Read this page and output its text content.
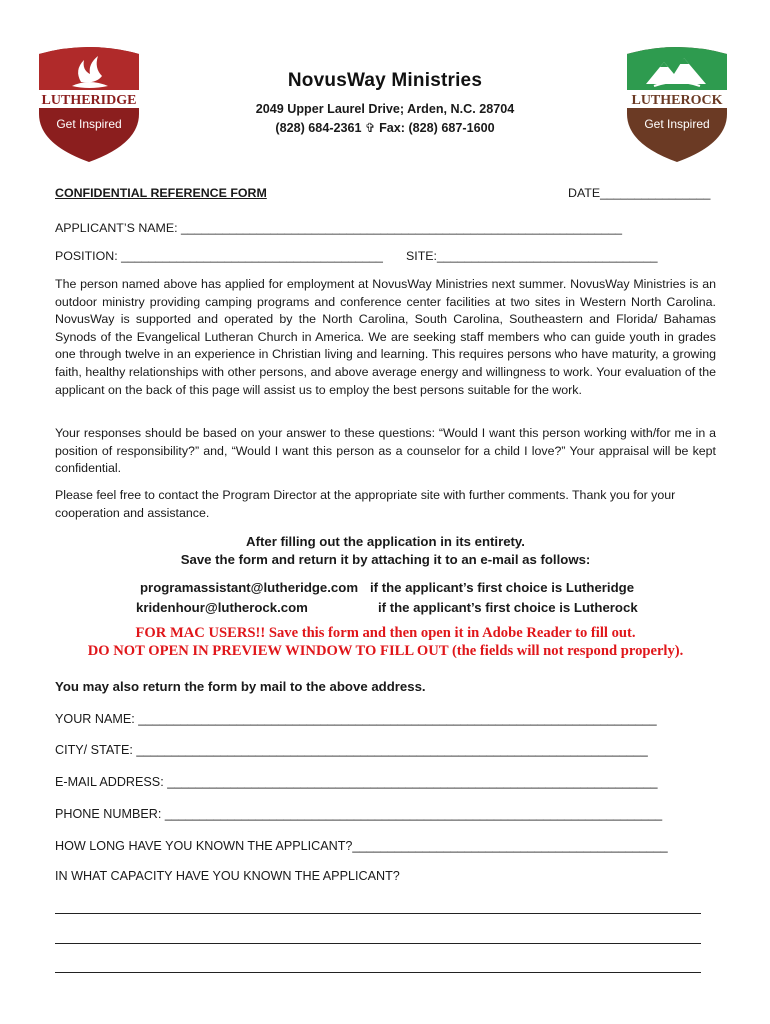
LUTHERIDGE
Get Inspired
LUTHEROCK
Get Inspired
NovusWay Ministries
2049 Upper Laurel Drive; Arden, N.C. 28704
(828) 684-2361 ✞ Fax: (828) 687-1600
CONFIDENTIAL REFERENCE FORM	DATE________________
APPLICANT’S NAME: ________________________________________________________________
POSITION: ______________________________________ SITE:________________________________
The person named above has applied for employment at NovusWay Ministries next summer. NovusWay Ministries is an outdoor ministry providing camping programs and conference center facilities at two sites in Western North Carolina. NovusWay is supported and operated by the North Carolina, South Carolina, Southeastern and Florida/ Bahamas Synods of the Evangelical Lutheran Church in America. We are seeking staff members who can guide youth in grades one through twelve in an experience in Christian living and learning. This requires persons who have maturity, a growing faith, healthy relationships with other persons, and above average energy and willingness to work. Your evaluation of the applicant on the back of this page will assist us to employ the best persons suitable for the work.
Your responses should be based on your answer to these questions: “Would I want this person working with/for me in a position of responsibility?” and, “Would I want this person as a counselor for a child I love?” Your appraisal will be kept confidential.
Please feel free to contact the Program Director at the appropriate site with further comments. Thank you for your cooperation and assistance.
After filling out the application in its entirety.
Save the form and return it by attaching it to an e-mail as follows:
programassistant@lutheridge.com if the applicant’s first choice is Lutheridge
kridenhour@lutherock.com	if the applicant’s first choice is Lutherock
FOR MAC USERS!! Save this form and then open it in Adobe Reader to fill out.
DO NOT OPEN IN PREVIEW WINDOW TO FILL OUT (the fields will not respond properly).
You may also return the form by mail to the above address.
YOUR NAME: __________________________________________________________________________
CITY/ STATE: _________________________________________________________________________
E-MAIL ADDRESS: ______________________________________________________________________
PHONE NUMBER: _______________________________________________________________________
HOW LONG HAVE YOU KNOWN THE APPLICANT?_____________________________________________
IN WHAT CAPACITY HAVE YOU KNOWN THE APPLICANT?
